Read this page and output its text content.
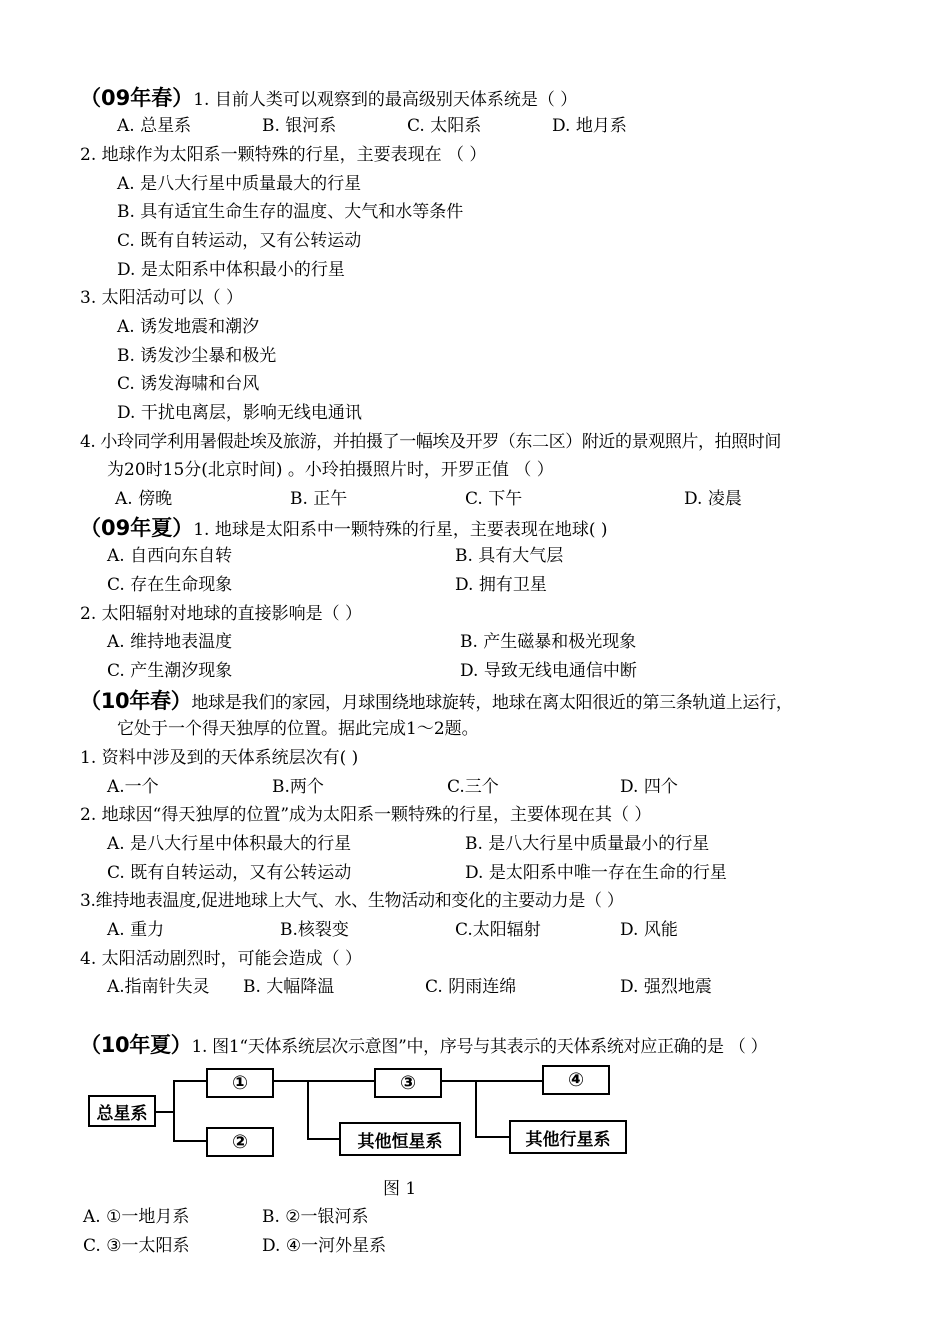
（09年春）1. 目前人类可以观察到的最高级别天体系统是（ ）
A. 总星系	B. 银河系	C. 太阳系	D. 地月系
2. 地球作为太阳系一颗特殊的行星，主要表现在 （ ）
A. 是八大行星中质量最大的行星
B. 具有适宜生命生存的温度、大气和水等条件
C. 既有自转运动，又有公转运动
D. 是太阳系中体积最小的行星
3. 太阳活动可以（ ）
A. 诱发地震和潮汐
B. 诱发沙尘暴和极光
C. 诱发海啸和台风
D. 干扰电离层，影响无线电通讯
4. 小玲同学利用暑假赴埃及旅游，并拍摄了一幅埃及开罗（东二区）附近的景观照片，拍照时间
为20时15分(北京时间) 。小玲拍摄照片时，开罗正值 （ ）
A. 傍晚	B. 正午	C. 下午	D. 凌晨
（09年夏）1. 地球是太阳系中一颗特殊的行星，主要表现在地球( )
A. 自西向东自转	B. 具有大气层
C. 存在生命现象	D. 拥有卫星
2. 太阳辐射对地球的直接影响是（ ）
A. 维持地表温度	B. 产生磁暴和极光现象
C. 产生潮汐现象	D. 导致无线电通信中断
（10年春）地球是我们的家园，月球围绕地球旋转，地球在离太阳很近的第三条轨道上运行，
它处于一个得天独厚的位置。据此完成1～2题。
1. 资料中涉及到的天体系统层次有( )
A.一个	B.两个	C.三个	D. 四个
2. 地球因“得天独厚的位置”成为太阳系一颗特殊的行星，主要体现在其（ ）
A. 是八大行星中体积最大的行星	B. 是八大行星中质量最小的行星
C. 既有自转运动，又有公转运动	D. 是太阳系中唯一存在生命的行星
3.维持地表温度,促进地球上大气、水、生物活动和变化的主要动力是（ ）
A. 重力	B.核裂变	C.太阳辐射	D. 风能
4. 太阳活动剧烈时，可能会造成（ ）
A.指南针失灵 B. 大幅降温	C. 阴雨连绵	D. 强烈地震
（10年夏）1. 图1“天体系统层次示意图”中，序号与其表示的天体系统对应正确的是 （ ）
总星系
①
②
③	④
其他恒星系	其他行星系
图 1
A. ①一地月系	B. ②一银河系
C. ③一太阳系	D. ④一河外星系
